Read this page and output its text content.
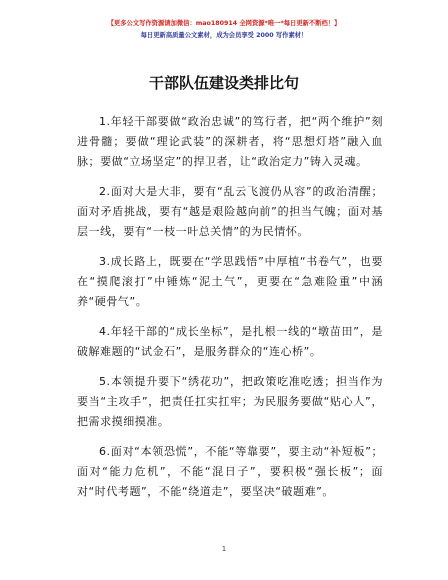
【更多公文写作资源请加微信：mao180914 全网资源*唯一*每日更新不断档！】
每日更新高质量公文素材，成为会员享受 2000 写作素材！
干部队伍建设类排比句

1.年轻干部要做“政治忠诚”的笃行者，把“两个维护”刻进骨髓；要做“理论武装”的深耕者，将“思想灯塔”融入血脉；要做“立场坚定”的捍卫者，让“政治定力”铸入灵魂。

2.面对大是大非，要有“乱云飞渡仍从容”的政治清醒；面对矛盾挑战，要有“越是艰险越向前”的担当气魄；面对基层一线，要有“一枝一叶总关情”的为民情怀。

3.成长路上，既要在“学思践悟”中厚植“书卷气”，也要在“摸爬滚打”中锤炼“泥土气”，更要在“急难险重”中涵养“硬骨气”。

4.年轻干部的“成长坐标”，是扎根一线的“墩苗田”，是破解难题的“试金石”，是服务群众的“连心桥”。

5.本领提升要下“绣花功”，把政策吃准吃透；担当作为要当“主攻手”，把责任扛实扛牢；为民服务要做“贴心人”，把需求摸细摸准。

6.面对“本领恐慌”，不能“等靠要”，要主动“补短板”；面对“能力危机”，不能“混日子”，要积极“强长板”；面对“时代考题”，不能“绕道走”，要坚决“破题难”。

1
